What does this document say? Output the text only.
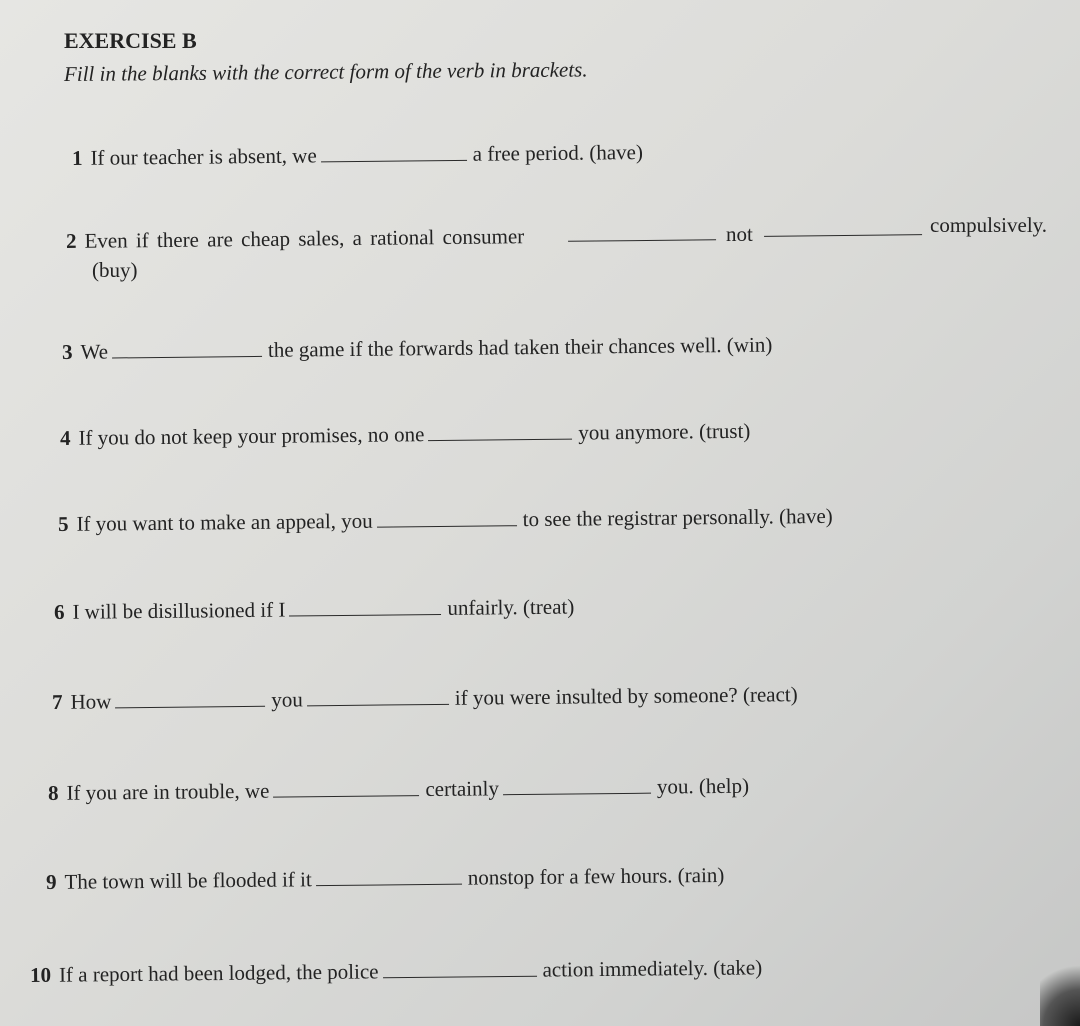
EXERCISE B

Fill in the blanks with the correct form of the verb in brackets.

1 If our teacher is absent, we	a free period. (have)
2 Even if there are cheap sales, a rational consumer	not	compulsively.
(buy)
3 We	the game if the forwards had taken their chances well. (win)
4 If you do not keep your promises, no one	you anymore. (trust)
5 If you want to make an appeal, you	to see the registrar personally. (have)
6 I will be disillusioned if I	unfairly. (treat)
7 How	you	if you were insulted by someone? (react)
8 If you are in trouble, we	certainly	you. (help)
9 The town will be flooded if it	nonstop for a few hours. (rain)
10 If a report had been lodged, the police	action immediately. (take)
